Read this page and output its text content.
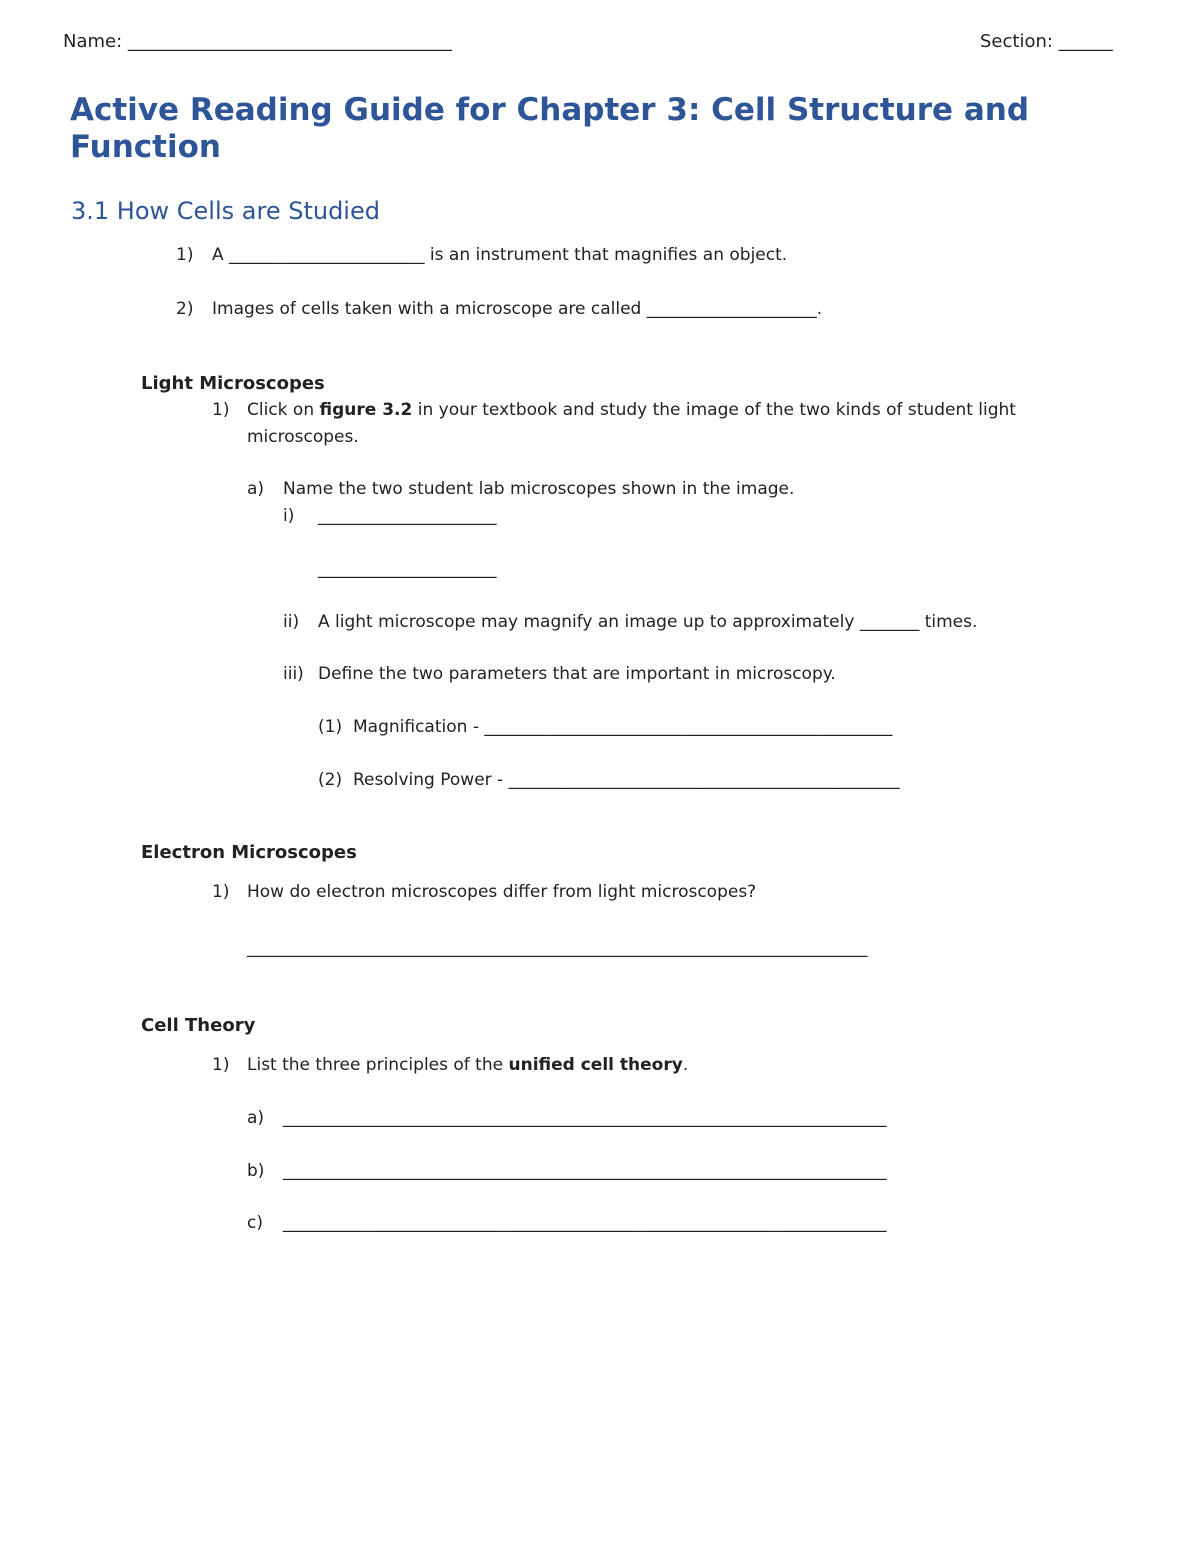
Name: ____________________________________	Section: ______
Active Reading Guide for Chapter 3: Cell Structure and Function
3.1 How Cells are Studied
1) A _______________________ is an instrument that magnifies an object.
2) Images of cells taken with a microscope are called ____________________.
Light Microscopes
1) Click on figure 3.2 in your textbook and study the image of the two kinds of student light
microscopes.
a) Name the two student lab microscopes shown in the image.
i) _____________________
_____________________
ii) A light microscope may magnify an image up to approximately _______ times.
iii) Define the two parameters that are important in microscopy.
(1) Magnification - ________________________________________________
(2) Resolving Power - ______________________________________________
Electron Microscopes
1) How do electron microscopes differ from light microscopes?
_________________________________________________________________________
Cell Theory
1) List the three principles of the unified cell theory.
a) _______________________________________________________________________
b) _______________________________________________________________________
c) _______________________________________________________________________
